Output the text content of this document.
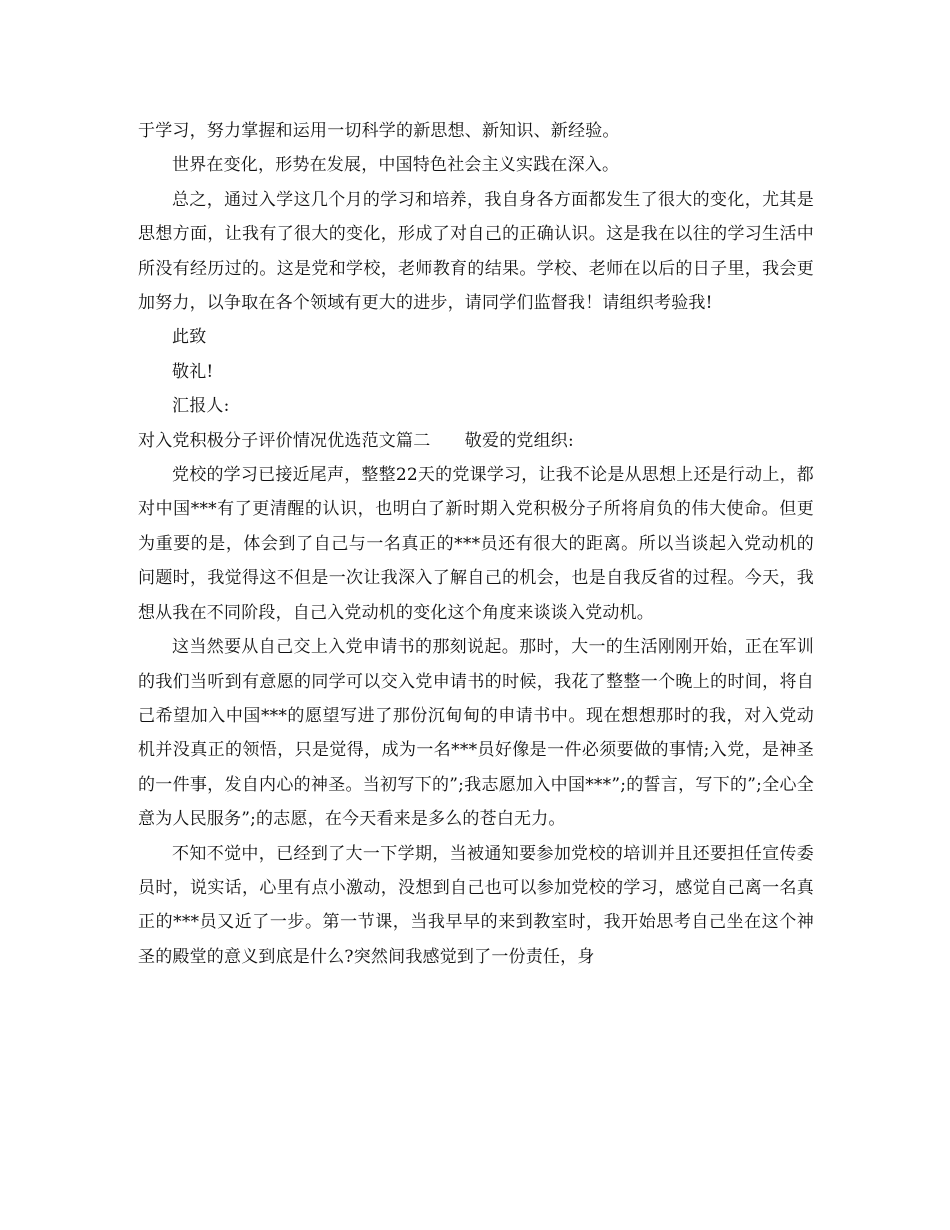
于学习，努力掌握和运用一切科学的新思想、新知识、新经验。

世界在变化，形势在发展，中国特色社会主义实践在深入。

总之，通过入学这几个月的学习和培养，我自身各方面都发生了很大的变化，尤其是思想方面，让我有了很大的变化，形成了对自己的正确认识。这是我在以往的学习生活中所没有经历过的。这是党和学校，老师教育的结果。学校、老师在以后的日子里，我会更加努力，以争取在各个领域有更大的进步，请同学们监督我！请组织考验我!

此致

敬礼!

汇报人:

对入党积极分子评价情况优选范文篇二　　敬爱的党组织:

党校的学习已接近尾声，整整22天的党课学习，让我不论是从思想上还是行动上，都对中国***有了更清醒的认识，也明白了新时期入党积极分子所将肩负的伟大使命。但更为重要的是，体会到了自己与一名真正的***员还有很大的距离。所以当谈起入党动机的问题时，我觉得这不但是一次让我深入了解自己的机会，也是自我反省的过程。今天，我想从我在不同阶段，自己入党动机的变化这个角度来谈谈入党动机。

这当然要从自己交上入党申请书的那刻说起。那时，大一的生活刚刚开始，正在军训的我们当听到有意愿的同学可以交入党申请书的时候，我花了整整一个晚上的时间，将自己希望加入中国***的愿望写进了那份沉甸甸的申请书中。现在想想那时的我，对入党动机并没真正的领悟，只是觉得，成为一名***员好像是一件必须要做的事情;入党，是神圣的一件事，发自内心的神圣。当初写下的”;我志愿加入中国***”;的誓言，写下的”;全心全意为人民服务”;的志愿，在今天看来是多么的苍白无力。

不知不觉中，已经到了大一下学期，当被通知要参加党校的培训并且还要担任宣传委员时，说实话，心里有点小激动，没想到自己也可以参加党校的学习，感觉自己离一名真正的***员又近了一步。第一节课，当我早早的来到教室时，我开始思考自己坐在这个神圣的殿堂的意义到底是什么?突然间我感觉到了一份责任，身
